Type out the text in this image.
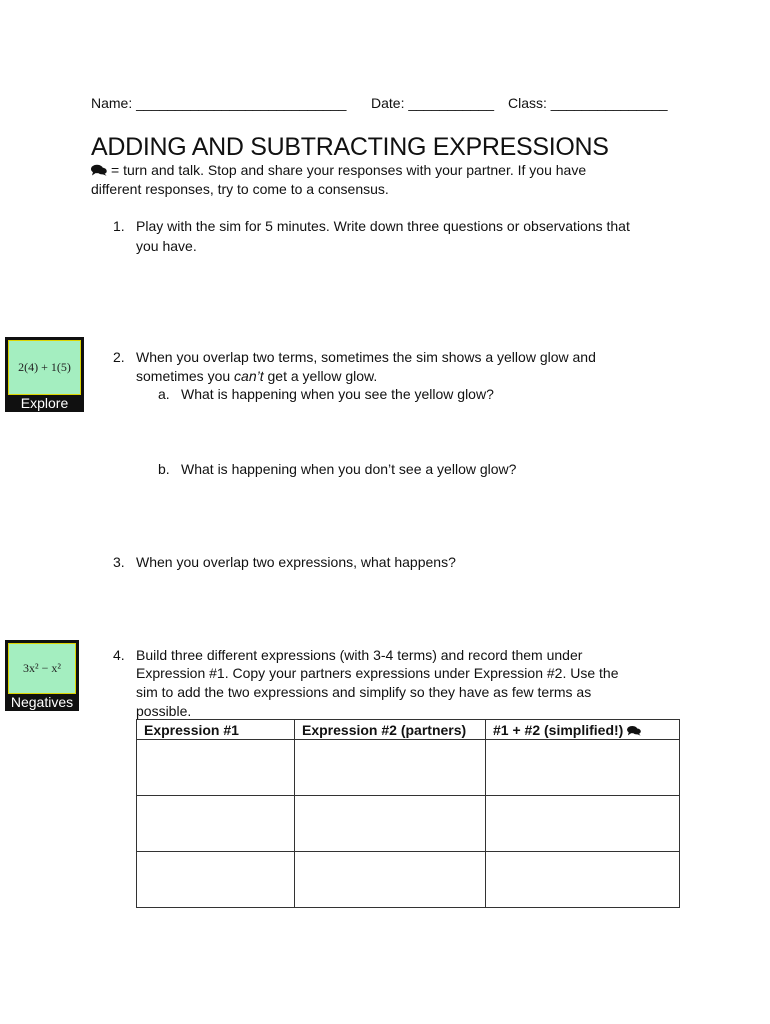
Name: ___________________________ Date: ___________ Class: _______________
ADDING AND SUBTRACTING EXPRESSIONS
= turn and talk. Stop and share your responses with your partner. If you have
different responses, try to come to a consensus.
1. Play with the sim for 5 minutes. Write down three questions or observations that
you have.
2(4) + 1(5)
Explore
2. When you overlap two terms, sometimes the sim shows a yellow glow and
sometimes you can’t get a yellow glow.
a. What is happening when you see the yellow glow?
b. What is happening when you don’t see a yellow glow?
3. When you overlap two expressions, what happens?
3x² − x²
Negatives
4. Build three different expressions (with 3-4 terms) and record them under
Expression #1. Copy your partners expressions under Expression #2. Use the
sim to add the two expressions and simplify so they have as few terms as
possible.
Expression #1	Expression #2 (partners)	#1 + #2 (simplified!)
